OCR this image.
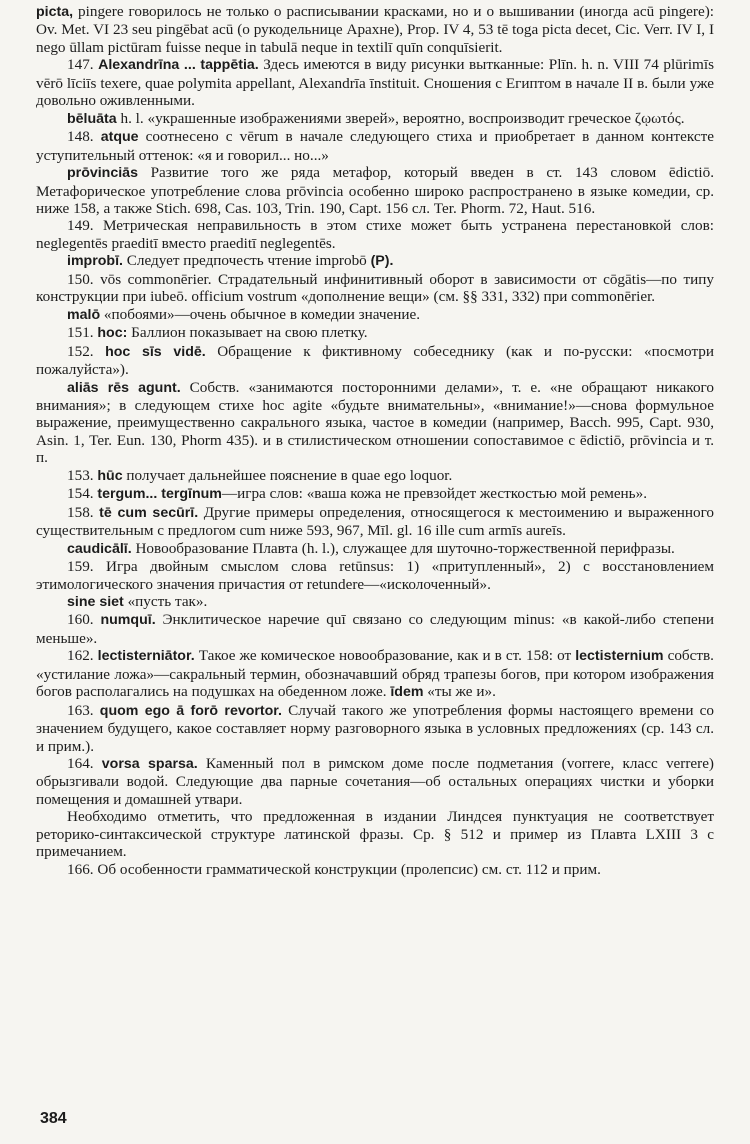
picta, pingere говорилось не только о расписывании красками, но и о вышивании (иногда acū pingere): Ov. Met. VI 23 seu pingēbat acū (о рукодельнице Арахне), Prop. IV 4, 53 tē toga picta decet, Cic. Verr. IV I, I nego ūllam pictūram fuisse neque in tabulā neque in textilī quīn conquīsierit.

147. Alexandrīna ... tappētia. Здесь имеются в виду рисунки вытканные: Plīn. h. n. VIII 74 plūrimīs vērō līciīs texere, quae polymita appellant, Alexandrīa īnstituit. Сношения с Египтом в начале II в. были уже довольно оживленными.

bēluāta h. l. «украшенные изображениями зверей», вероятно, воспроизводит греческое ζῳωτός.

148. atque соотнесено с vērum в начале следующего стиха и приобретает в данном контексте уступительный оттенок: «я и говорил... но...»

prōvinciās Развитие того же ряда метафор, который введен в ст. 143 словом ēdictiō. Метафорическое употребление слова prōvincia особенно широко распространено в языке комедии, ср. ниже 158, а также Stich. 698, Cas. 103, Trin. 190, Capt. 156 сл. Ter. Phorm. 72, Haut. 516.

149. Метрическая неправильность в этом стихе может быть устранена перестановкой слов: neglegentēs praeditī вместо praeditī neglegentēs.

improbī. Следует предпочесть чтение improbō (P).

150. vōs commonērier. Страдательный инфинитивный оборот в зависимости от cōgātis—по типу конструкции при iubeō. officium vostrum «дополнение вещи» (см. §§ 331, 332) при commonērier.

malō «побоями»—очень обычное в комедии значение.

151. hoc: Баллион показывает на свою плетку.

152. hoc sīs vidē. Обращение к фиктивному собеседнику (как и по-русски: «посмотри пожалуйста»).

aliās rēs agunt. Собств. «занимаются посторонними делами», т. е. «не обращают никакого внимания»; в следующем стихе hoc agite «будьте внимательны», «внимание!»—снова формульное выражение, преимущественно сакрального языка, частое в комедии (например, Bacch. 995, Capt. 930, Asin. 1, Ter. Eun. 130, Phorm 435). и в стилистическом отношении сопоставимое с ēdictiō, prōvincia и т. п.

153. hūc получает дальнейшее пояснение в quae ego loquor.

154. tergum... tergīnum—игра слов: «ваша кожа не превзойдет жесткостью мой ремень».

158. tē cum secūrī. Другие примеры определения, относящегося к местоимению и выраженного существительным с предлогом cum ниже 593, 967, Mīl. gl. 16 ille cum armīs aureīs.

caudicālī. Новообразование Плавта (h. l.), служащее для шуточно-торжественной перифразы.

159. Игра двойным смыслом слова retūnsus: 1) «притупленный», 2) с восстановлением этимологического значения причастия от retundere—«исколоченный».

sine siet «пусть так».

160. numquī. Энклитическое наречие quī связано со следующим minus: «в какой-либо степени меньше».

162. lectisterniātor. Такое же комическое новообразование, как и в ст. 158: от lectisternium собств. «устилание ложа»—сакральный термин, обозначавший обряд трапезы богов, при котором изображения богов располагались на подушках на обеденном ложе. īdem «ты же и».

163. quom ego ā forō revortor. Случай такого же употребления формы настоящего времени со значением будущего, какое составляет норму разговорного языка в условных предложениях (ср. 143 сл. и прим.).

164. vorsa sparsa. Каменный пол в римском доме после подметания (vorrere, класс verrere) обрызгивали водой. Следующие два парные сочетания—об остальных операциях чистки и уборки помещения и домашней утвари.

Необходимо отметить, что предложенная в издании Линдсея пунктуация не соответствует реторико-синтаксической структуре латинской фразы. Ср. § 512 и пример из Плавта LXIII 3 с примечанием.

166. Об особенности грамматической конструкции (пролепсис) см. ст. 112 и прим.

384
